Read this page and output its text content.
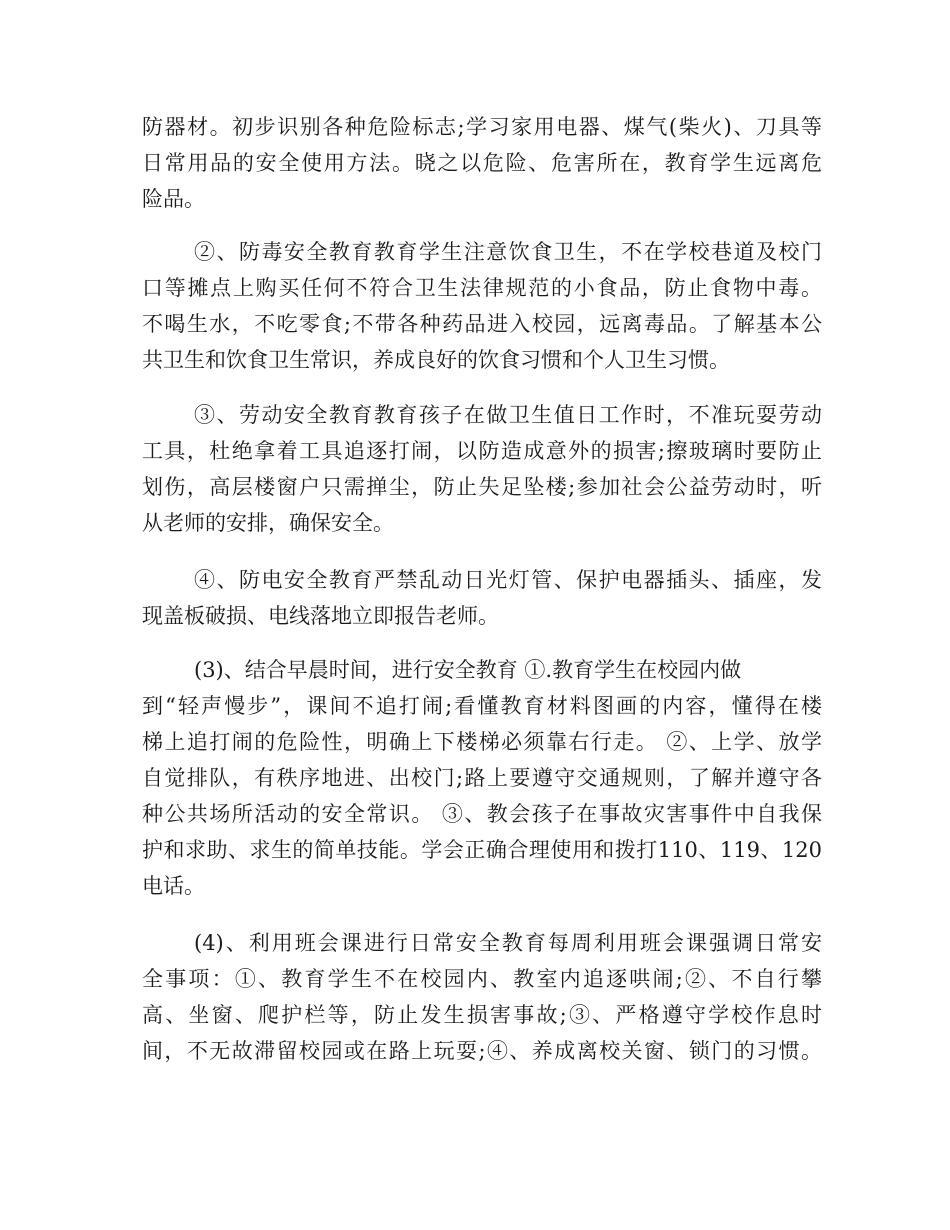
防器材。初步识别各种危险标志;学习家用电器、煤气(柴火)、刀具等
日常用品的安全使用方法。晓之以危险、危害所在，教育学生远离危
险品。
②、防毒安全教育教育学生注意饮食卫生，不在学校巷道及校门
口等摊点上购买任何不符合卫生法律规范的小食品，防止食物中毒。
不喝生水，不吃零食;不带各种药品进入校园，远离毒品。了解基本公
共卫生和饮食卫生常识，养成良好的饮食习惯和个人卫生习惯。
③、劳动安全教育教育孩子在做卫生值日工作时，不准玩耍劳动
工具，杜绝拿着工具追逐打闹，以防造成意外的损害;擦玻璃时要防止
划伤，高层楼窗户只需掸尘，防止失足坠楼;参加社会公益劳动时，听
从老师的安排，确保安全。
④、防电安全教育严禁乱动日光灯管、保护电器插头、插座，发
现盖板破损、电线落地立即报告老师。
(3)、结合早晨时间，进行安全教育 ①.教育学生在校园内做
到“轻声慢步”，课间不追打闹;看懂教育材料图画的内容，懂得在楼
梯上追打闹的危险性，明确上下楼梯必须靠右行走。 ②、上学、放学
自觉排队，有秩序地进、出校门;路上要遵守交通规则，了解并遵守各
种公共场所活动的安全常识。 ③、教会孩子在事故灾害事件中自我保
护和求助、求生的简单技能。学会正确合理使用和拨打110、119、120
电话。
(4)、利用班会课进行日常安全教育每周利用班会课强调日常安
全事项：①、教育学生不在校园内、教室内追逐哄闹;②、不自行攀
高、坐窗、爬护栏等，防止发生损害事故;③、严格遵守学校作息时
间，不无故滞留校园或在路上玩耍;④、养成离校关窗、锁门的习惯。
